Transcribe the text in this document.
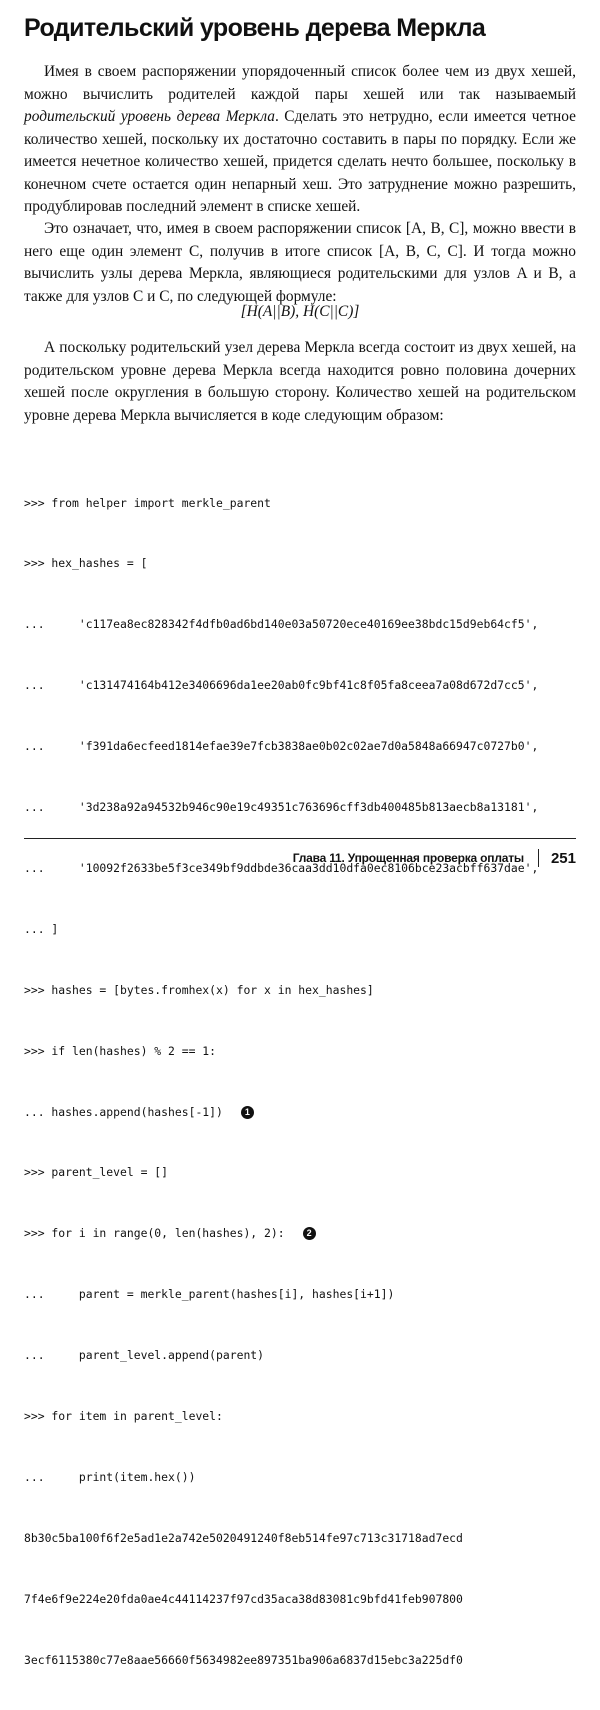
Родительский уровень дерева Меркла

Имея в своем распоряжении упорядоченный список более чем из двух хешей, можно вычислить родителей каждой пары хешей или так называемый родительский уровень дерева Меркла. Сделать это нетрудно, если имеется четное количество хешей, поскольку их достаточно составить в пары по порядку. Если же имеется нечетное количество хешей, придется сделать нечто большее, поскольку в конечном счете остается один непарный хеш. Это затруднение можно разрешить, продублировав последний элемент в списке хешей.

Это означает, что, имея в своем распоряжении список [A, B, C], можно ввести в него еще один элемент C, получив в итоге список [A, B, C, C]. И тогда можно вычислить узлы дерева Меркла, являющиеся родительскими для узлов A и B, а также для узлов C и C, по следующей формуле:

[H(A||B), H(C||C)]

А поскольку родительский узел дерева Меркла всегда состоит из двух хешей, на родительском уровне дерева Меркла всегда находится ровно половина дочерних хешей после округления в большую сторону. Количество хешей на родительском уровне дерева Меркла вычисляется в коде следующим образом:

>>> from helper import merkle_parent

>>> hex_hashes = [

...     'c117ea8ec828342f4dfb0ad6bd140e03a50720ece40169ee38bdc15d9eb64cf5',

...     'c131474164b412e3406696da1ee20ab0fc9bf41c8f05fa8ceea7a08d672d7cc5',

...     'f391da6ecfeed1814efae39e7fcb3838ae0b02c02ae7d0a5848a66947c0727b0',

...     '3d238a92a94532b946c90e19c49351c763696cff3db400485b813aecb8a13181',

...     '10092f2633be5f3ce349bf9ddbde36caa3dd10dfa0ec8106bce23acbff637dae',

... ]

>>> hashes = [bytes.fromhex(x) for x in hex_hashes]

>>> if len(hashes) % 2 == 1:

... hashes.append(hashes[-1]) 1

>>> parent_level = []

>>> for i in range(0, len(hashes), 2): 2

...     parent = merkle_parent(hashes[i], hashes[i+1])

...     parent_level.append(parent)

>>> for item in parent_level:

...     print(item.hex())

8b30c5ba100f6f2e5ad1e2a742e5020491240f8eb514fe97c713c31718ad7ecd

7f4e6f9e224e20fda0ae4c44114237f97cd35aca38d83081c9bfd41feb907800

3ecf6115380c77e8aae56660f5634982ee897351ba906a6837d15ebc3a225df0

Глава 11. Упрощенная проверка оплаты 251
